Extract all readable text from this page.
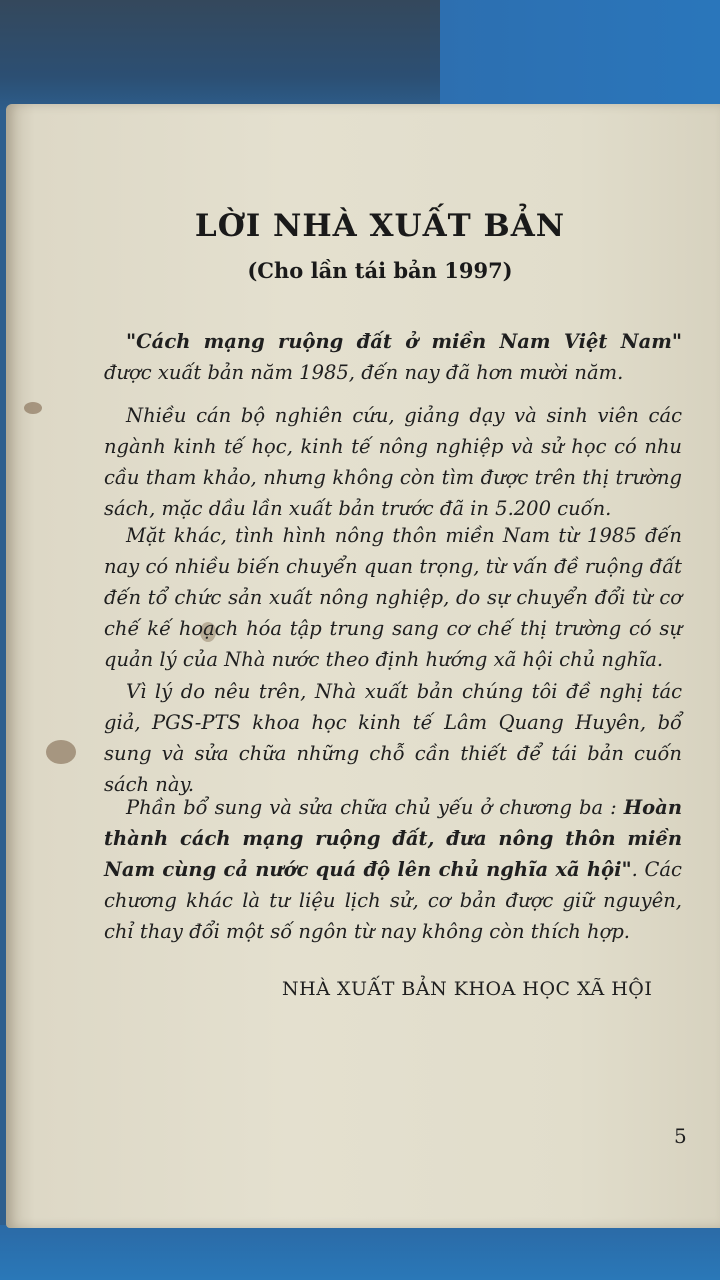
LỜI NHÀ XUẤT BẢN
(Cho lần tái bản 1997)

"Cách mạng ruộng đất ở miền Nam Việt Nam" được xuất bản năm 1985, đến nay đã hơn mười năm.

Nhiều cán bộ nghiên cứu, giảng dạy và sinh viên các ngành kinh tế học, kinh tế nông nghiệp và sử học có nhu cầu tham khảo, nhưng không còn tìm được trên thị trường sách, mặc dầu lần xuất bản trước đã in 5.200 cuốn.

Mặt khác, tình hình nông thôn miền Nam từ 1985 đến nay có nhiều biến chuyển quan trọng, từ vấn đề ruộng đất đến tổ chức sản xuất nông nghiệp, do sự chuyển đổi từ cơ chế kế hoạch hóa tập trung sang cơ chế thị trường có sự quản lý của Nhà nước theo định hướng xã hội chủ nghĩa.

Vì lý do nêu trên, Nhà xuất bản chúng tôi đề nghị tác giả, PGS-PTS khoa học kinh tế Lâm Quang Huyên, bổ sung và sửa chữa những chỗ cần thiết để tái bản cuốn sách này.

Phần bổ sung và sửa chữa chủ yếu ở chương ba : Hoàn thành cách mạng ruộng đất, đưa nông thôn miền Nam cùng cả nước quá độ lên chủ nghĩa xã hội". Các chương khác là tư liệu lịch sử, cơ bản được giữ nguyên, chỉ thay đổi một số ngôn từ nay không còn thích hợp.

NHÀ XUẤT BẢN KHOA HỌC XÃ HỘI
5
